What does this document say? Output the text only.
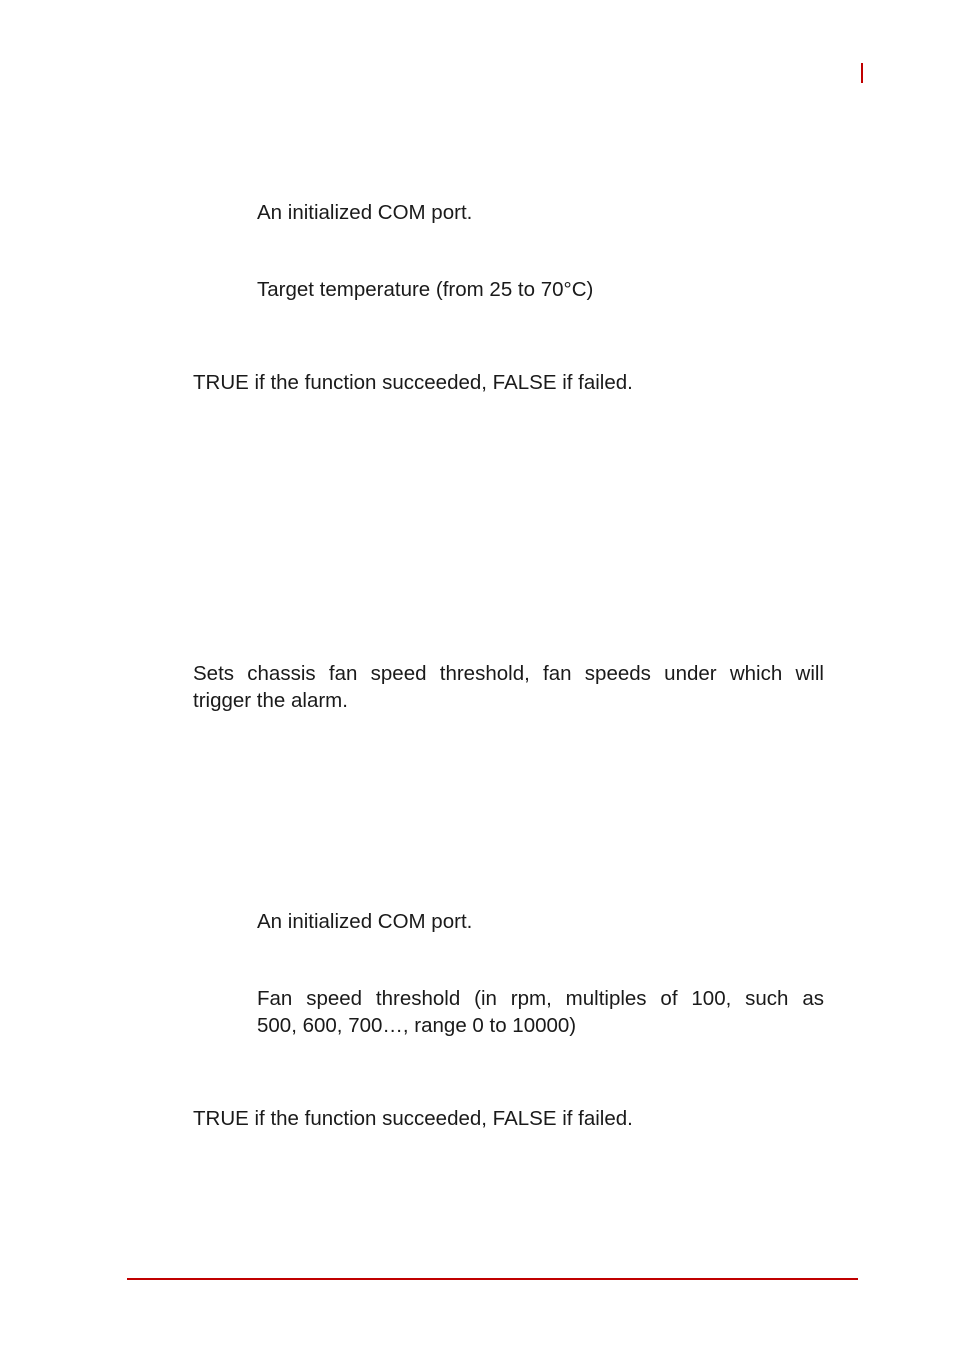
An initialized COM port.
Target temperature (from 25 to 70°C)
TRUE if the function succeeded, FALSE if failed.
Sets chassis fan speed threshold, fan speeds under which will
trigger the alarm.
An initialized COM port.
Fan speed threshold (in rpm, multiples of 100, such as
500, 600, 700…, range 0 to 10000)
TRUE if the function succeeded, FALSE if failed.
